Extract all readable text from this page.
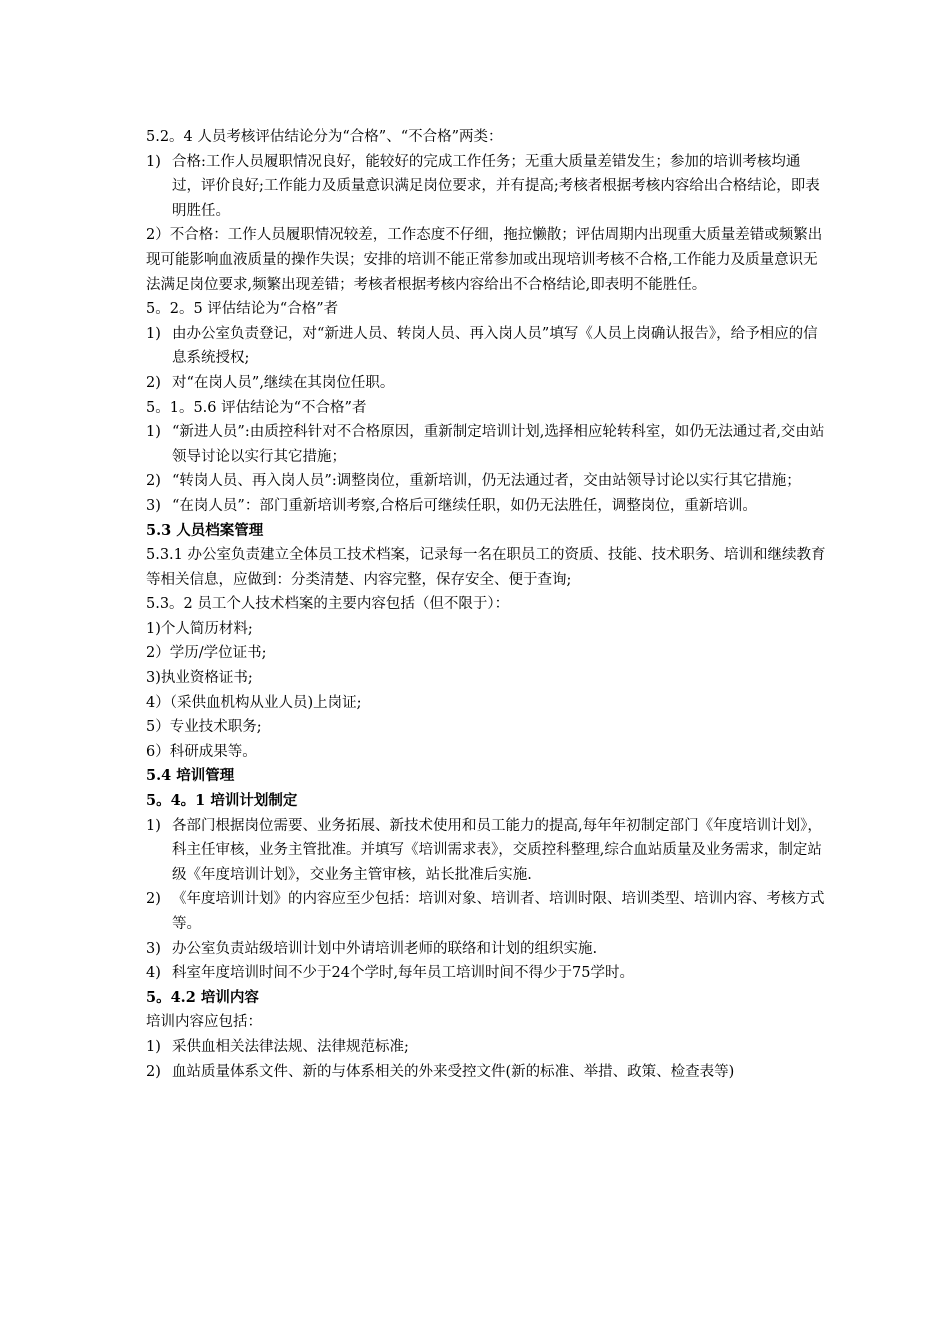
5.2。4 人员考核评估结论分为“合格”、“不合格”两类：

1) 合格:工作人员履职情况良好，能较好的完成工作任务；无重大质量差错发生；参加的培训考核均通过，评价良好;工作能力及质量意识满足岗位要求，并有提高;考核者根据考核内容给出合格结论，即表明胜任。

2）不合格：工作人员履职情况较差，工作态度不仔细，拖拉懒散；评估周期内出现重大质量差错或频繁出现可能影响血液质量的操作失误；安排的培训不能正常参加或出现培训考核不合格,工作能力及质量意识无法满足岗位要求,频繁出现差错；考核者根据考核内容给出不合格结论,即表明不能胜任。

5。2。5 评估结论为“合格”者

1) 由办公室负责登记，对“新进人员、转岗人员、再入岗人员”填写《人员上岗确认报告》，给予相应的信息系统授权;
2) 对“在岗人员”,继续在其岗位任职。

5。1。5.6 评估结论为“不合格”者

1) “新进人员”:由质控科针对不合格原因，重新制定培训计划,选择相应轮转科室，如仍无法通过者,交由站领导讨论以实行其它措施；
2) “转岗人员、再入岗人员”:调整岗位，重新培训，仍无法通过者，交由站领导讨论以实行其它措施；
3) “在岗人员”：部门重新培训考察,合格后可继续任职，如仍无法胜任，调整岗位，重新培训。

5.3 人员档案管理

5.3.1 办公室负责建立全体员工技术档案，记录每一名在职员工的资质、技能、技术职务、培训和继续教育等相关信息，应做到：分类清楚、内容完整，保存安全、便于查询;

5.3。2 员工个人技术档案的主要内容包括（但不限于）：

1)个人简历材料;

2）学历/学位证书;

3)执业资格证书;

4）（采供血机构从业人员)上岗证;

5）专业技术职务;

6）科研成果等。

5.4 培训管理

5。4。1 培训计划制定

1) 各部门根据岗位需要、业务拓展、新技术使用和员工能力的提高,每年年初制定部门《年度培训计划》，科主任审核，业务主管批准。并填写《培训需求表》，交质控科整理,综合血站质量及业务需求，制定站级《年度培训计划》，交业务主管审核，站长批准后实施.
2) 《年度培训计划》的内容应至少包括：培训对象、培训者、培训时限、培训类型、培训内容、考核方式等。
3) 办公室负责站级培训计划中外请培训老师的联络和计划的组织实施.
4) 科室年度培训时间不少于24个学时,每年员工培训时间不得少于75学时。

5。4.2 培训内容

培训内容应包括：

1) 采供血相关法律法规、法律规范标准;
2) 血站质量体系文件、新的与体系相关的外来受控文件(新的标准、举措、政策、检查表等)
